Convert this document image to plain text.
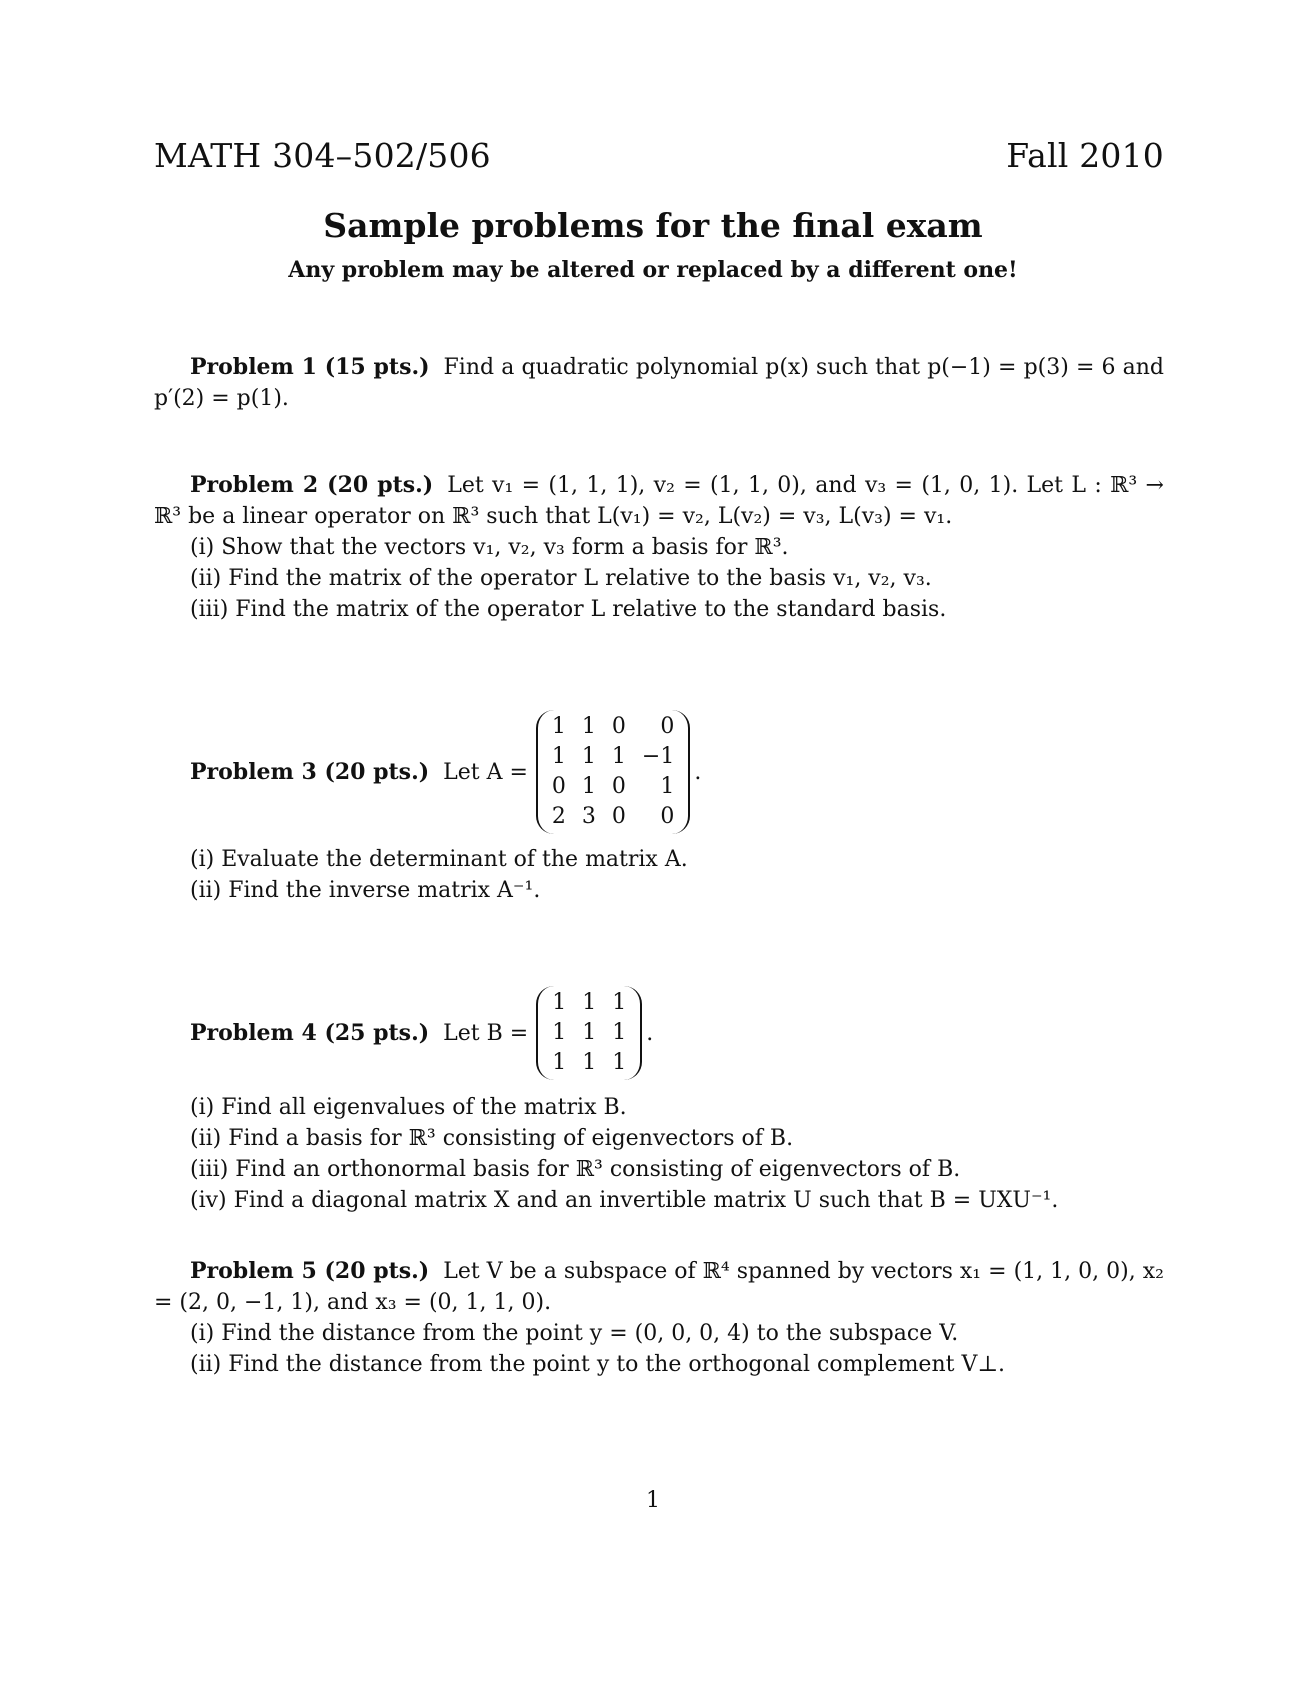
MATH 304–502/506	Fall 2010
Sample problems for the final exam
Any problem may be altered or replaced by a different one!

Problem 1 (15 pts.) Find a quadratic polynomial p(x) such that p(−1) = p(3) = 6 and p′(2) = p(1).

Problem 2 (20 pts.) Let v₁ = (1, 1, 1), v₂ = (1, 1, 0), and v₃ = (1, 0, 1). Let L : ℝ³ → ℝ³ be a linear operator on ℝ³ such that L(v₁) = v₂, L(v₂) = v₃, L(v₃) = v₁.

(i) Show that the vectors v₁, v₂, v₃ form a basis for ℝ³.
(ii) Find the matrix of the operator L relative to the basis v₁, v₂, v₃.
(iii) Find the matrix of the operator L relative to the standard basis.
Problem 3 (20 pts.) Let A =
1 1 0	0
1 1 1 −1
0 1 0	1
2 3 0	0
.
(i) Evaluate the determinant of the matrix A.
(ii) Find the inverse matrix A⁻¹.
Problem 4 (25 pts.) Let B =
1 1 1
1 1 1
1 1 1
.
(i) Find all eigenvalues of the matrix B.
(ii) Find a basis for ℝ³ consisting of eigenvectors of B.
(iii) Find an orthonormal basis for ℝ³ consisting of eigenvectors of B.
(iv) Find a diagonal matrix X and an invertible matrix U such that B = UXU⁻¹.

Problem 5 (20 pts.) Let V be a subspace of ℝ⁴ spanned by vectors x₁ = (1, 1, 0, 0), x₂ = (2, 0, −1, 1), and x₃ = (0, 1, 1, 0).

(i) Find the distance from the point y = (0, 0, 0, 4) to the subspace V.
(ii) Find the distance from the point y to the orthogonal complement V⊥.
1
